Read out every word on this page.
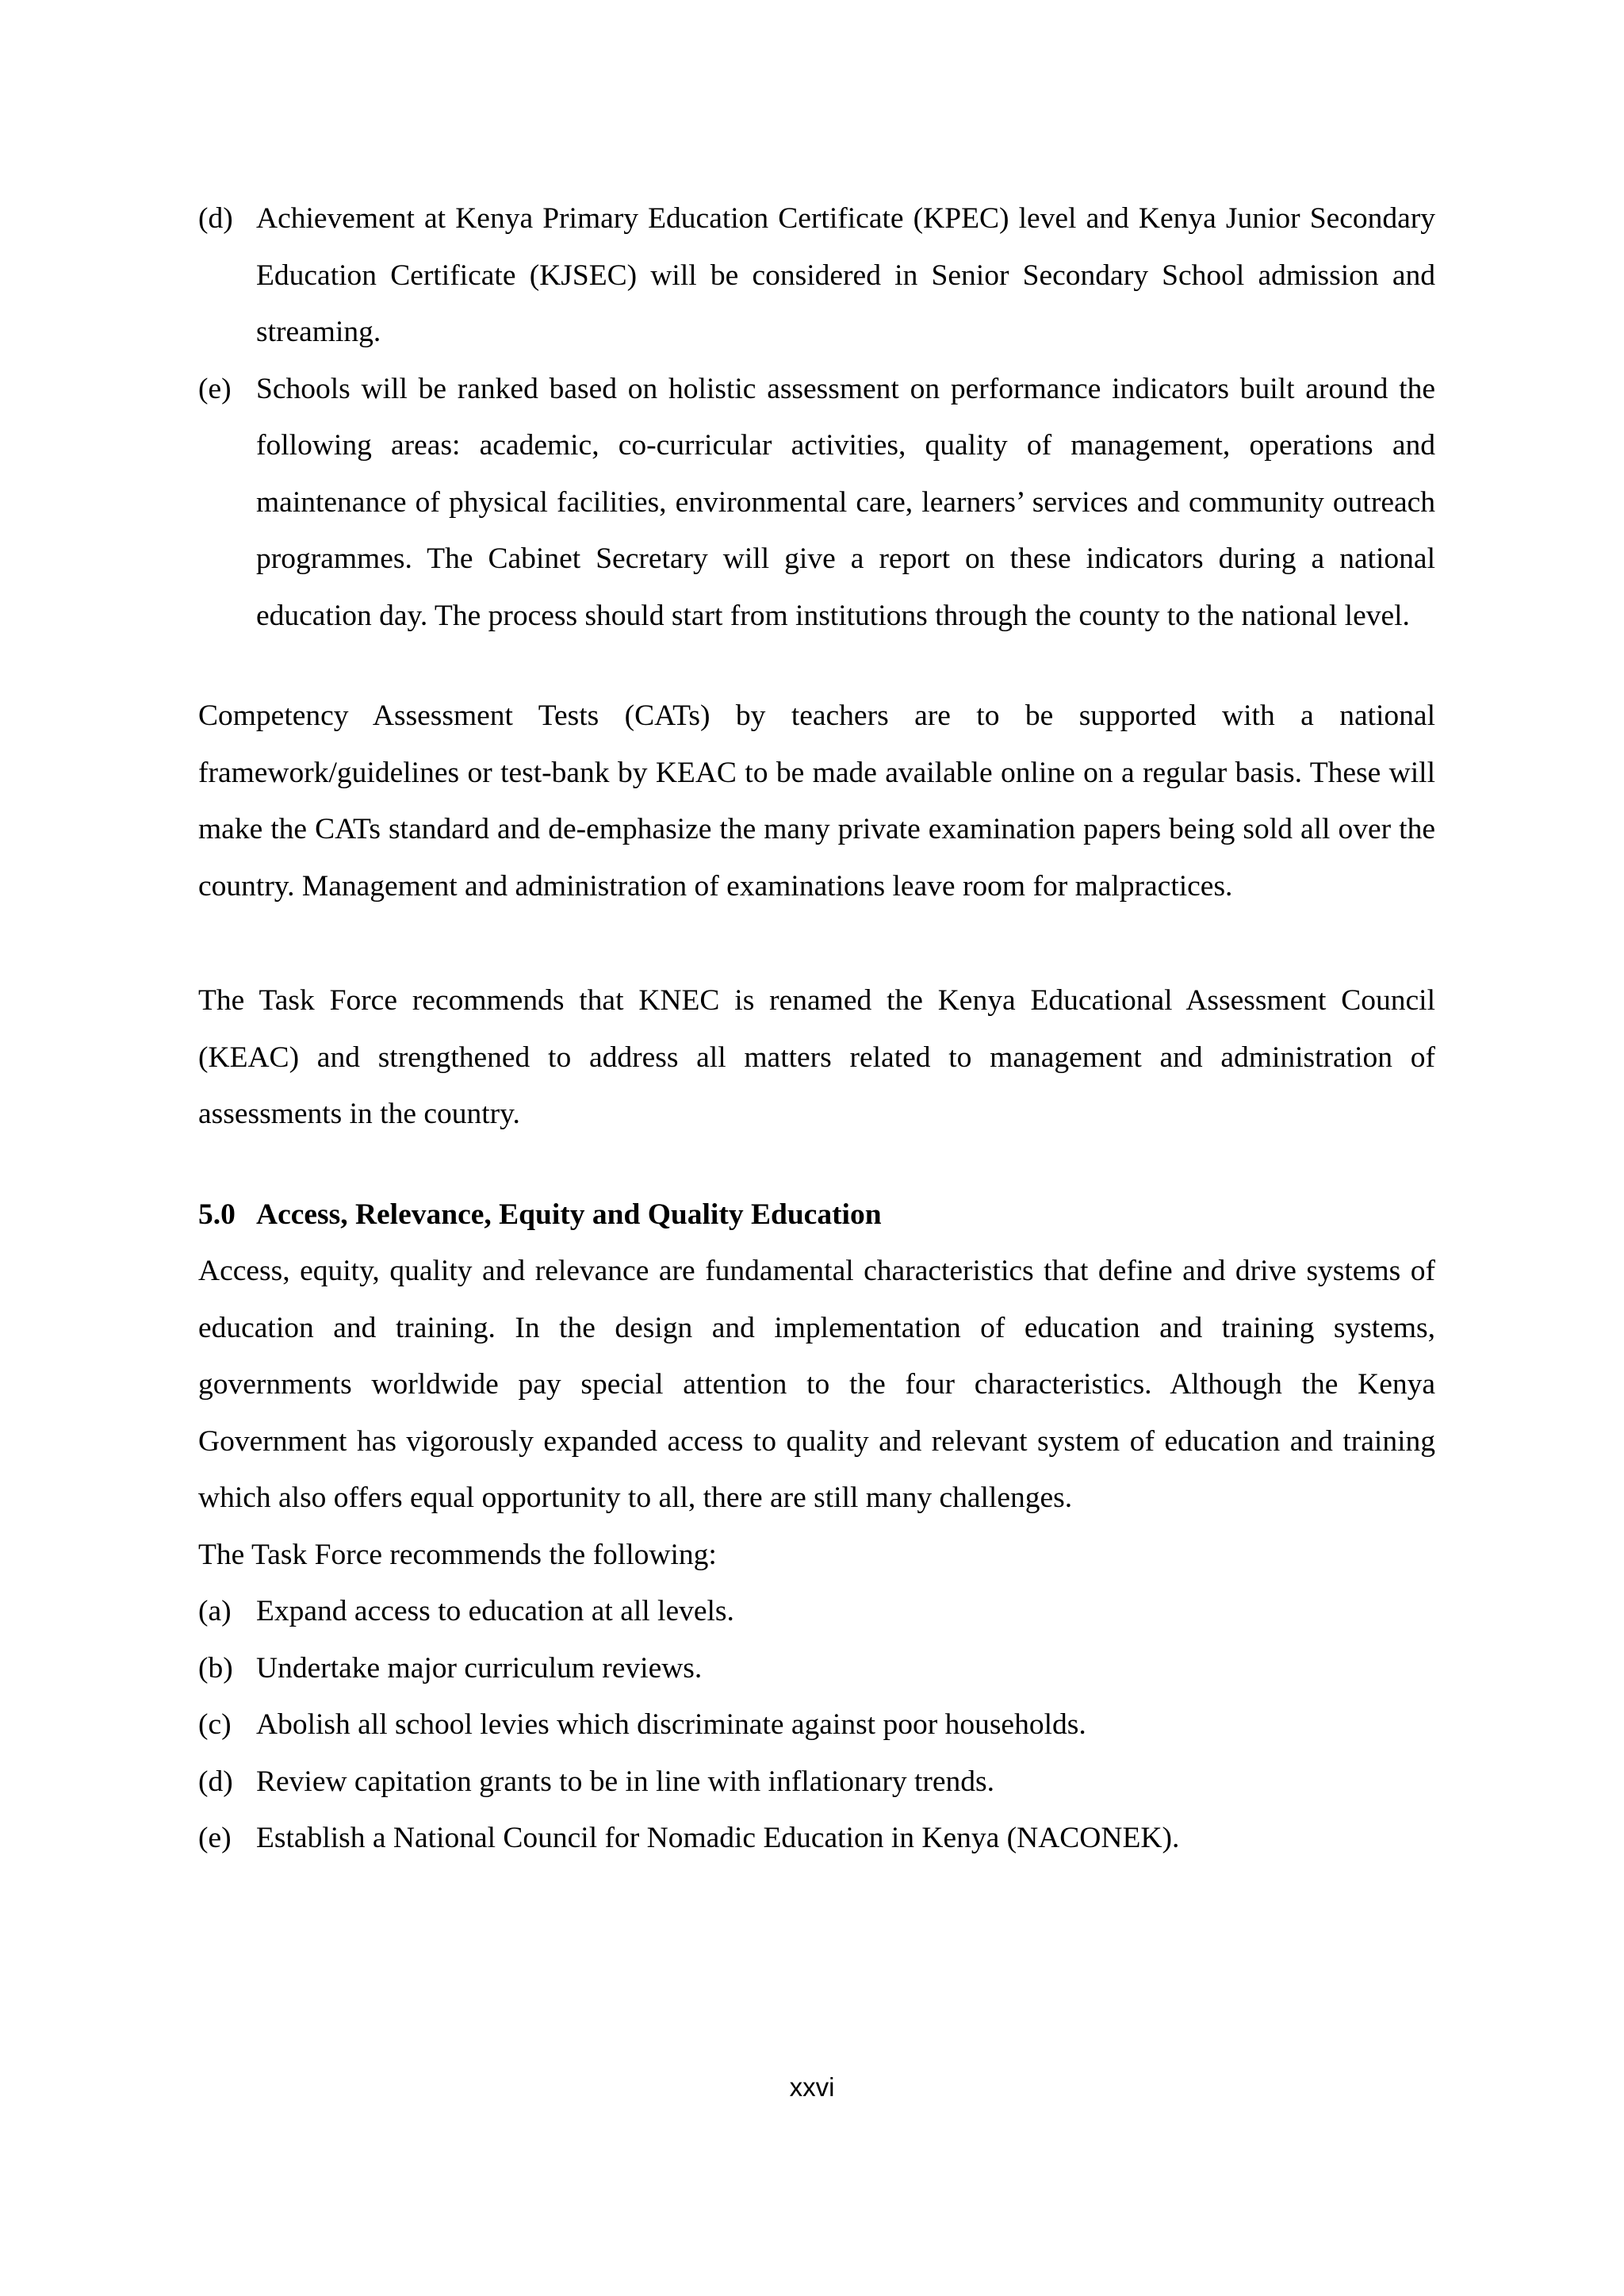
(d) Achievement at Kenya Primary Education Certificate (KPEC) level and Kenya Junior Secondary Education Certificate (KJSEC) will be considered in Senior Secondary School admission and streaming.
(e) Schools will be ranked based on holistic assessment on performance indicators built around the following areas: academic, co-curricular activities, quality of management, operations and maintenance of physical facilities, environmental care, learners’ services and community outreach programmes. The Cabinet Secretary will give a report on these indicators during a national education day. The process should start from institutions through the county to the national level.

Competency Assessment Tests (CATs) by teachers are to be supported with a national framework/guidelines or test-bank by KEAC to be made available online on a regular basis. These will make the CATs standard and de-emphasize the many private examination papers being sold all over the country. Management and administration of examinations leave room for malpractices.

The Task Force recommends that KNEC is renamed the Kenya Educational Assessment Council (KEAC) and strengthened to address all matters related to management and administration of assessments in the country.

5.0 Access, Relevance, Equity and Quality Education

Access, equity, quality and relevance are fundamental characteristics that define and drive systems of education and training. In the design and implementation of education and training systems, governments worldwide pay special attention to the four characteristics. Although the Kenya Government has vigorously expanded access to quality and relevant system of education and training which also offers equal opportunity to all, there are still many challenges.

The Task Force recommends the following:

(a) Expand access to education at all levels.
(b) Undertake major curriculum reviews.
(c) Abolish all school levies which discriminate against poor households.
(d) Review capitation grants to be in line with inflationary trends.
(e) Establish a National Council for Nomadic Education in Kenya (NACONEK).
xxvi
